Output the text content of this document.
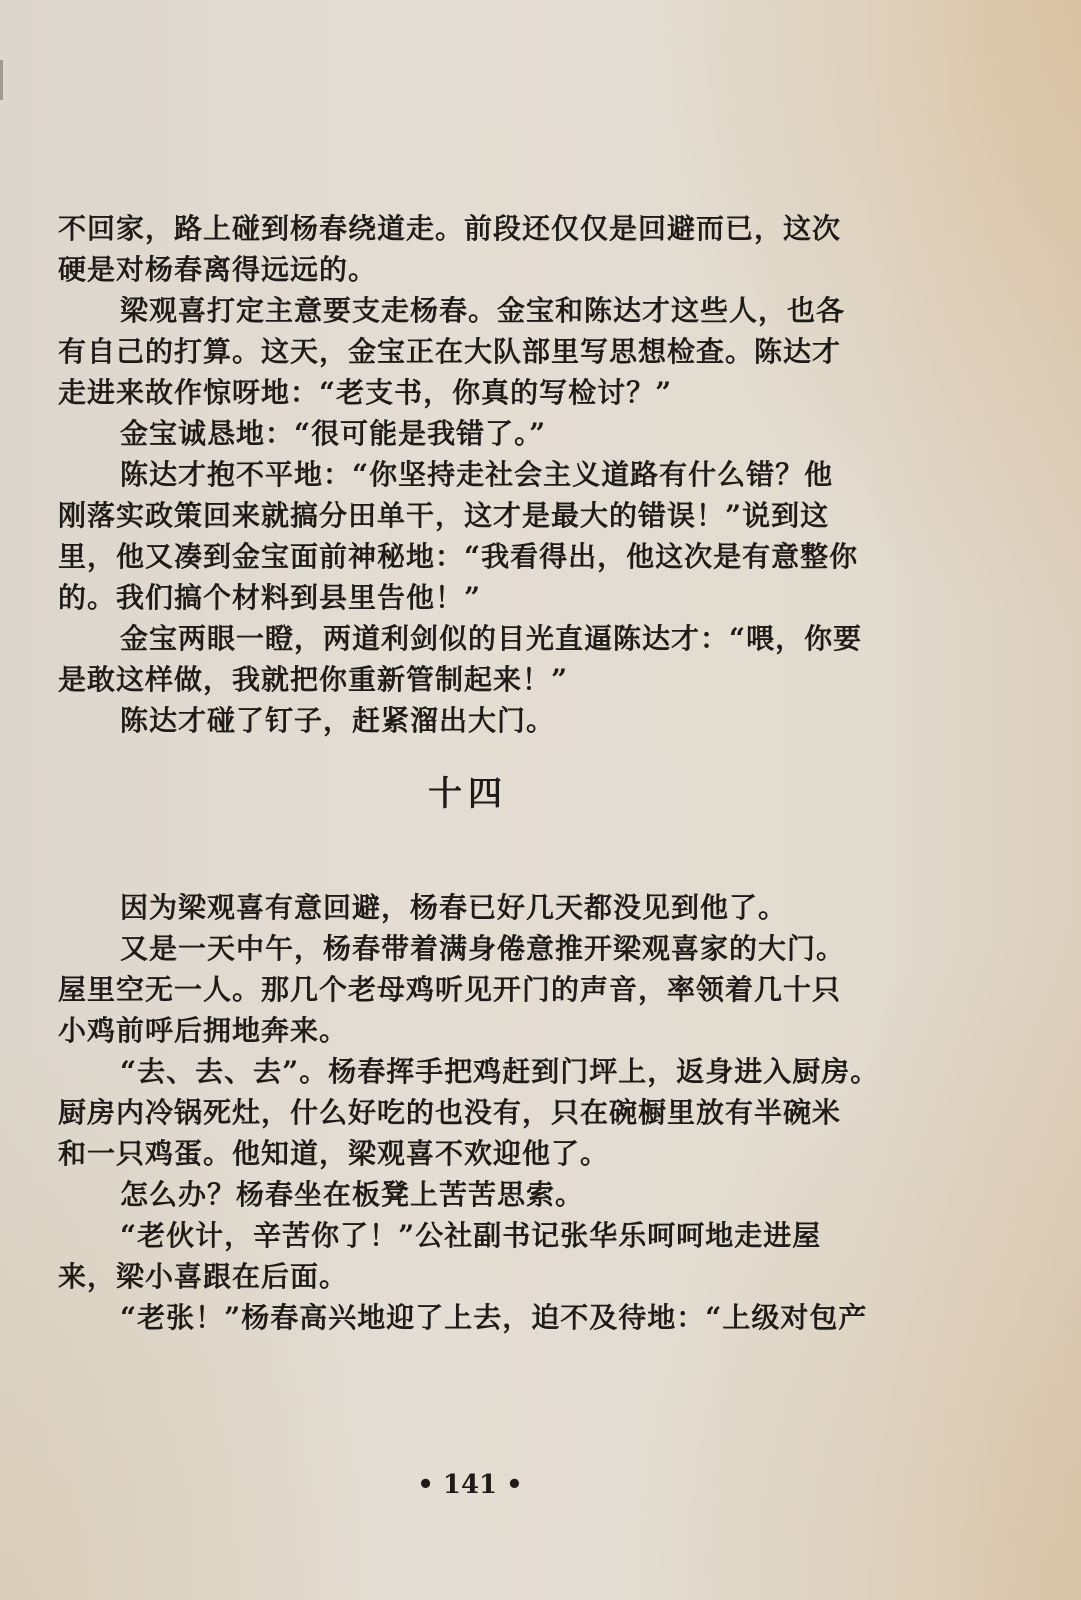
不回家，路上碰到杨春绕道走。前段还仅仅是回避而已，这次
硬是对杨春离得远远的。
梁观喜打定主意要支走杨春。金宝和陈达才这些人，也各
有自己的打算。这天，金宝正在大队部里写思想检查。陈达才
走进来故作惊呀地：“老支书，你真的写检讨？”
金宝诚恳地：“很可能是我错了。”
陈达才抱不平地：“你坚持走社会主义道路有什么错？他
刚落实政策回来就搞分田单干，这才是最大的错误！”说到这
里，他又凑到金宝面前神秘地：“我看得出，他这次是有意整你
的。我们搞个材料到县里告他！”
金宝两眼一瞪，两道利剑似的目光直逼陈达才：“喂，你要
是敢这样做，我就把你重新管制起来！”
陈达才碰了钉子，赶紧溜出大门。
十四
因为梁观喜有意回避，杨春已好几天都没见到他了。
又是一天中午，杨春带着满身倦意推开梁观喜家的大门。
屋里空无一人。那几个老母鸡听见开门的声音，率领着几十只
小鸡前呼后拥地奔来。
“去、去、去”。杨春挥手把鸡赶到门坪上，返身进入厨房。
厨房内冷锅死灶，什么好吃的也没有，只在碗橱里放有半碗米
和一只鸡蛋。他知道，梁观喜不欢迎他了。
怎么办？杨春坐在板凳上苦苦思索。
“老伙计，辛苦你了！”公社副书记张华乐呵呵地走进屋
来，梁小喜跟在后面。
“老张！”杨春高兴地迎了上去，迫不及待地：“上级对包产
• 141 •
